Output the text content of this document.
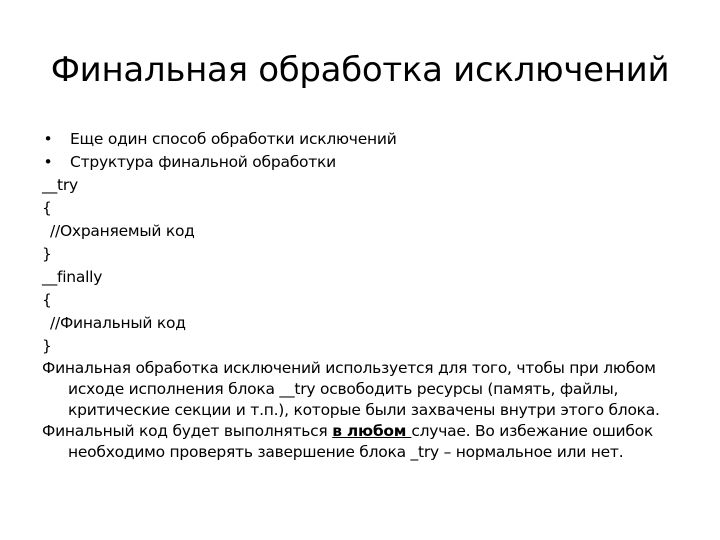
Финальная обработка исключений
• Еще один способ обработки исключений
• Структура финальной обработки
__try
{
//Охраняемый код
}
__finally
{
//Финальный код
}
Финальная обработка исключений используется для того, чтобы при любом исходе исполнения блока __try освободить ресурсы (память, файлы, критические секции и т.п.), которые были захвачены внутри этого блока.
Финальный код будет выполняться в любом случае. Во избежание ошибок необходимо проверять завершение блока _try – нормальное или нет.
